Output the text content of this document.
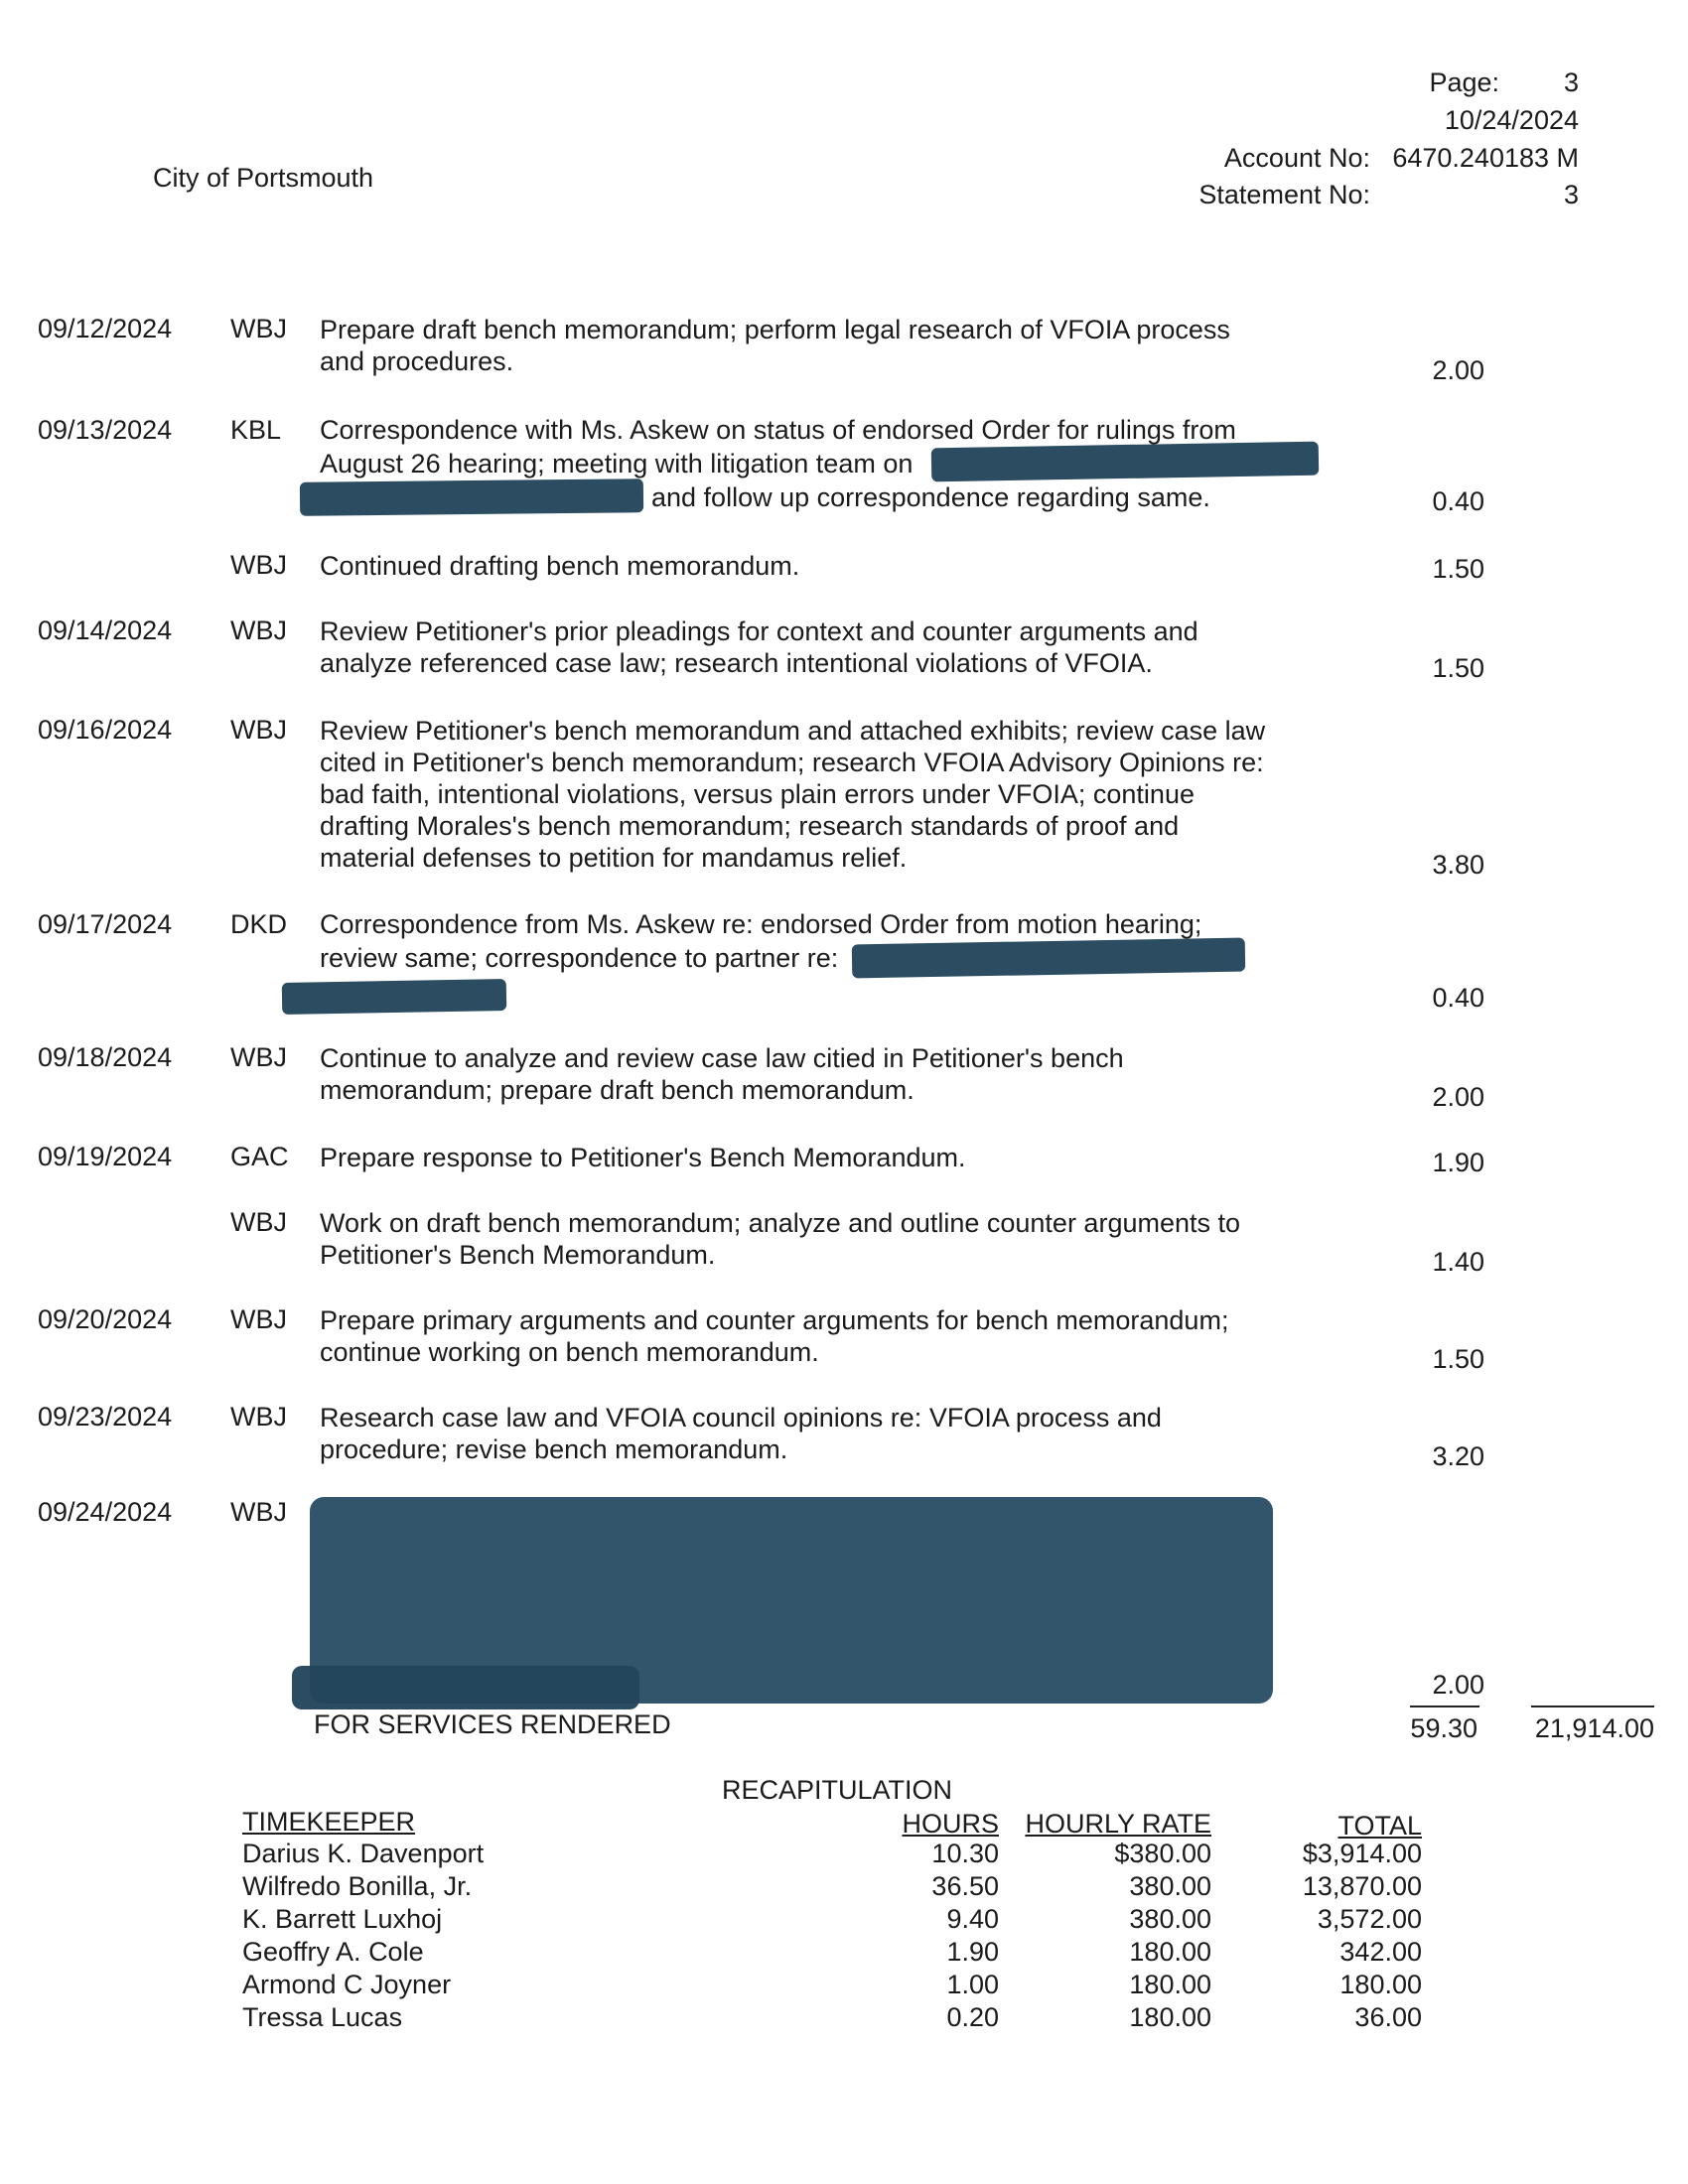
City of Portsmouth
Page: 3
10/24/2024
Account No: 6470.240183 M
Statement No:	3
09/12/2024 WBJ Prepare draft bench memorandum; perform legal research of VFOIA process and procedures.	2.00
09/13/2024 KBL Correspondence with Ms. Askew on status of endorsed Order for rulings from
August 26 hearing; meeting with litigation team on
and follow up correspondence regarding same.	0.40
WBJ Continued drafting bench memorandum.	1.50
09/14/2024 WBJ Review Petitioner's prior pleadings for context and counter arguments and analyze referenced case law; research intentional violations of VFOIA.	1.50
09/16/2024 WBJ Review Petitioner's bench memorandum and attached exhibits; review case law cited in Petitioner's bench memorandum; research VFOIA Advisory Opinions re: bad faith, intentional violations, versus plain errors under VFOIA; continue drafting Morales's bench memorandum; research standards of proof and material defenses to petition for mandamus relief.	3.80
09/17/2024 DKD Correspondence from Ms. Askew re: endorsed Order from motion hearing;
review same; correspondence to partner re:
0.40
09/18/2024 WBJ Continue to analyze and review case law citied in Petitioner's bench memorandum; prepare draft bench memorandum.	2.00
09/19/2024 GAC Prepare response to Petitioner's Bench Memorandum.	1.90
WBJ Work on draft bench memorandum; analyze and outline counter arguments to Petitioner's Bench Memorandum.	1.40
09/20/2024 WBJ Prepare primary arguments and counter arguments for bench memorandum; continue working on bench memorandum.	1.50
09/23/2024 WBJ Research case law and VFOIA council opinions re: VFOIA process and procedure; revise bench memorandum.	3.20
09/24/2024 WBJ
2.00
FOR SERVICES RENDERED	59.30 21,914.00
RECAPITULATION
TIMEKEEPER	HOURS HOURLY RATE	TOTAL
Darius K. Davenport	10.30	$380.00	$3,914.00
Wilfredo Bonilla, Jr.	36.50	380.00	13,870.00
K. Barrett Luxhoj	9.40	380.00	3,572.00
Geoffry A. Cole	1.90	180.00	342.00
Armond C Joyner	1.00	180.00	180.00
Tressa Lucas	0.20	180.00	36.00
